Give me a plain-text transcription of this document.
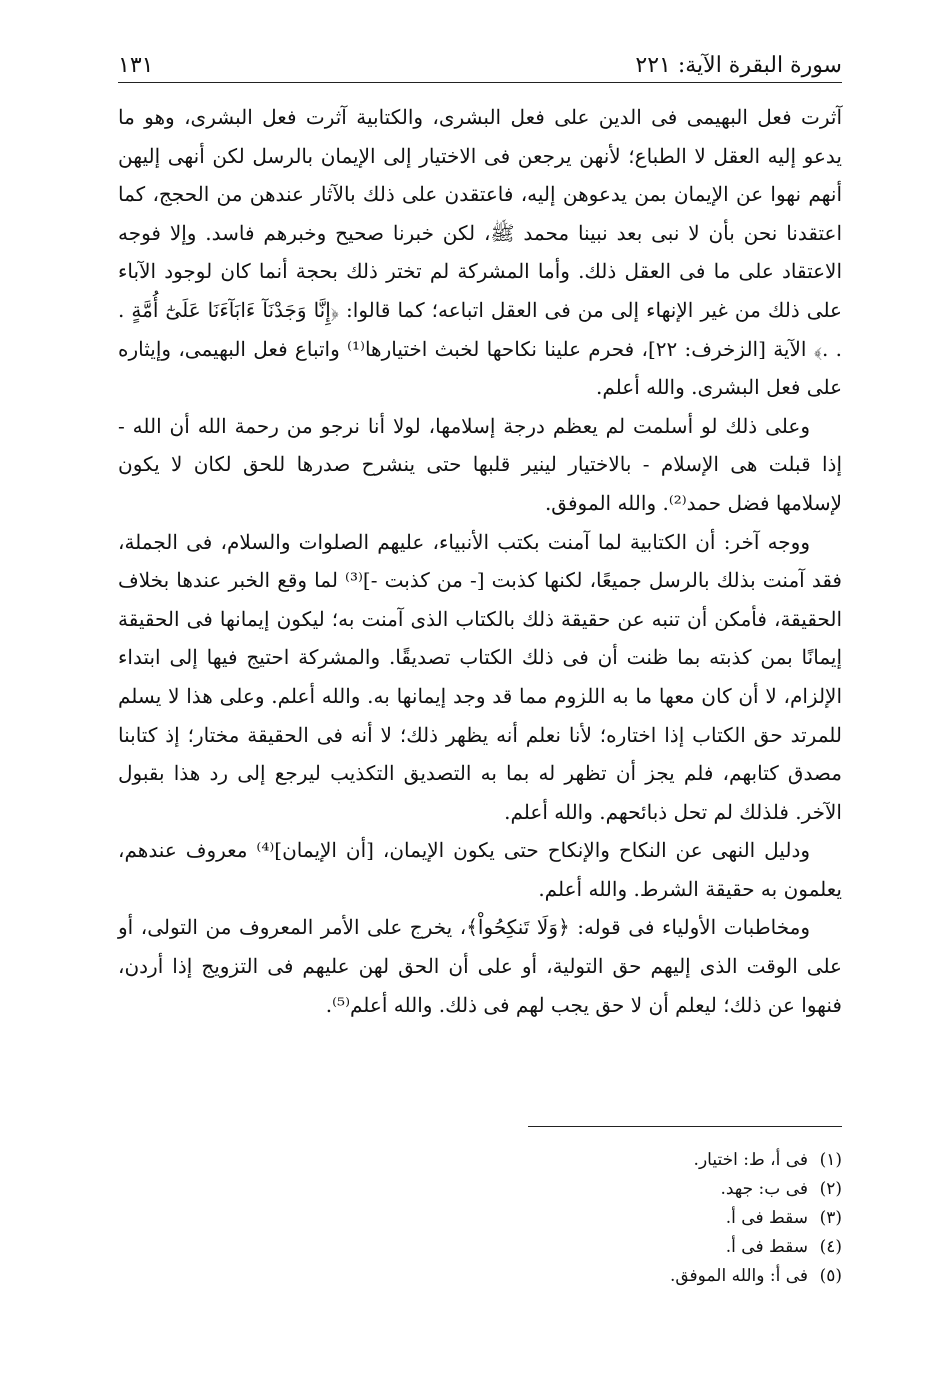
سورة البقرة الآية: ٢٢١
١٣١

آثرت فعل البهيمى فى الدين على فعل البشرى، والكتابية آثرت فعل البشرى، وهو ما يدعو إليه العقل لا الطباع؛ لأنهن يرجعن فى الاختيار إلى الإيمان بالرسل لكن أنهى إليهن أنهم نهوا عن الإيمان بمن يدعوهن إليه، فاعتقدن على ذلك بالآثار عندهن من الحجج، كما اعتقدنا نحن بأن لا نبى بعد نبينا محمد ﷺ، لكن خبرنا صحيح وخبرهم فاسد. وإلا فوجه الاعتقاد على ما فى العقل ذلك. وأما المشركة لم تختر ذلك بحجة أنما كان لوجود الآباء على ذلك من غير الإنهاء إلى من فى العقل اتباعه؛ كما قالوا: ﴿إِنَّا وَجَدْنَآ ءَابَآءَنَا عَلَىٰٓ أُمَّةٍ . . .﴾ الآية [الزخرف: ٢٢]، فحرم علينا نكاحها لخبث اختيارها⁽¹⁾ واتباع فعل البهيمى، وإيثاره على فعل البشرى. والله أعلم.

وعلى ذلك لو أسلمت لم يعظم درجة إسلامها، لولا أنا نرجو من رحمة الله أن الله - إذا قبلت هى الإسلام - بالاختيار لينير قلبها حتى ينشرح صدرها للحق لكان لا يكون لإسلامها فضل حمد⁽²⁾. والله الموفق.

ووجه آخر: أن الكتابية لما آمنت بكتب الأنبياء، عليهم الصلوات والسلام، فى الجملة، فقد آمنت بذلك بالرسل جميعًا، لكنها كذبت [- من كذبت -]⁽³⁾ لما وقع الخبر عندها بخلاف الحقيقة، فأمكن أن تنبه عن حقيقة ذلك بالكتاب الذى آمنت به؛ ليكون إيمانها فى الحقيقة إيمانًا بمن كذبته بما ظنت أن فى ذلك الكتاب تصديقًا. والمشركة احتيج فيها إلى ابتداء الإلزام، لا أن كان معها ما به اللزوم مما قد وجد إيمانها به. والله أعلم. وعلى هذا لا يسلم للمرتد حق الكتاب إذا اختاره؛ لأنا نعلم أنه يظهر ذلك؛ لا أنه فى الحقيقة مختار؛ إذ كتابنا مصدق كتابهم، فلم يجز أن تظهر له بما به التصديق التكذيب ليرجع إلى رد هذا بقبول الآخر. فلذلك لم تحل ذبائحهم. والله أعلم.

ودليل النهى عن النكاح والإنكاح حتى يكون الإيمان، [أن الإيمان]⁽⁴⁾ معروف عندهم، يعلمون به حقيقة الشرط. والله أعلم.

ومخاطبات الأولياء فى قوله: ﴿وَلَا تَنكِحُواْ﴾، يخرج على الأمر المعروف من التولى، أو على الوقت الذى إليهم حق التولية، أو على أن الحق لهن عليهم فى التزويج إذا أردن، فنهوا عن ذلك؛ ليعلم أن لا حق يجب لهم فى ذلك. والله أعلم⁽⁵⁾.

(١)فى أ، ط: اختيار.
(٢)فى ب: جهد.
(٣)سقط فى أ.
(٤)سقط فى أ.
(٥)فى أ: والله الموفق.
